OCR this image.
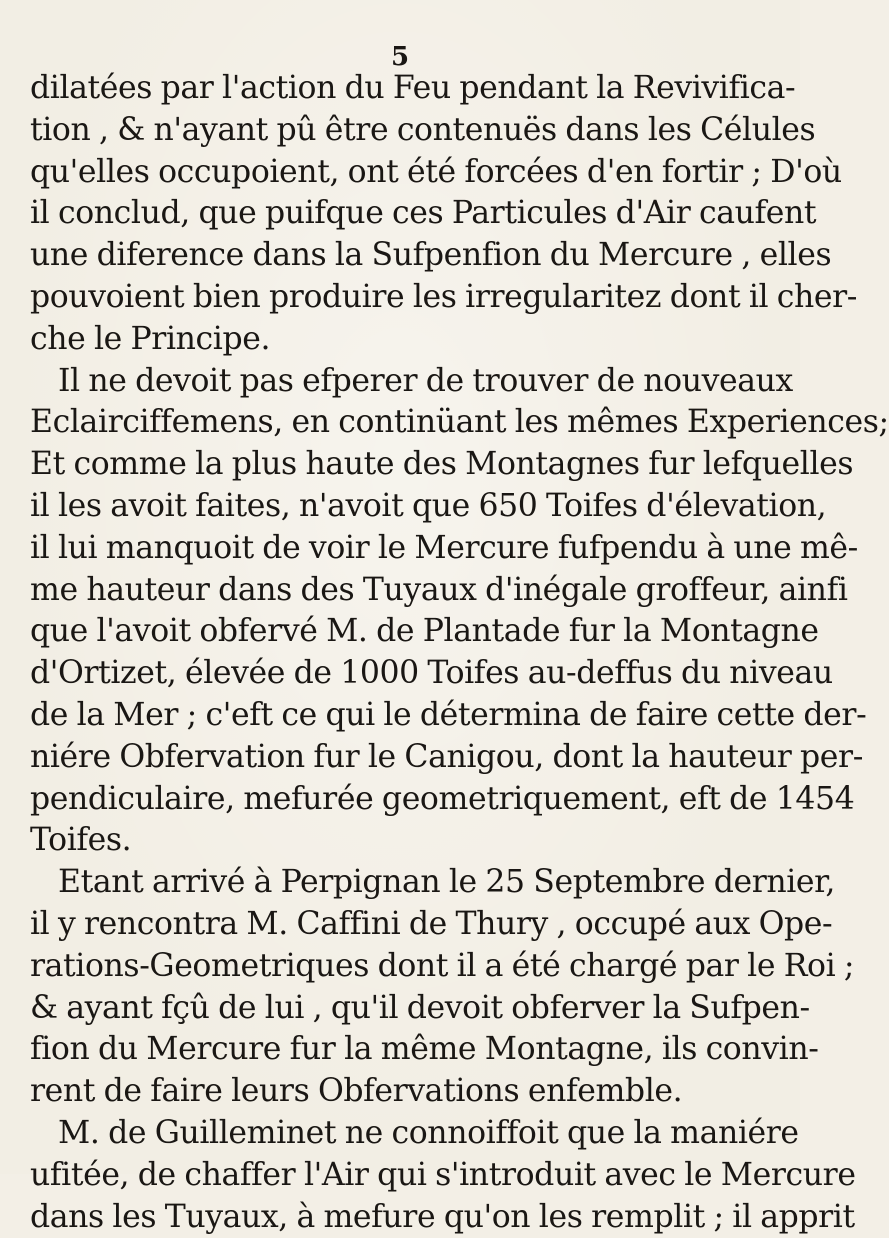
5
dilatées par l'action du Feu pendant la Revivifica-
tion , & n'ayant pû être contenuës dans les Célules
qu'elles occupoient, ont été forcées d'en fortir ; D'où
il conclud, que puifque ces Particules d'Air caufent
une diference dans la Sufpenfion du Mercure , elles
pouvoient bien produire les irregularitez dont il cher-
che le Principe.
Il ne devoit pas efperer de trouver de nouveaux
Eclairciffemens, en continüant les mêmes Experiences;
Et comme la plus haute des Montagnes fur lefquelles
il les avoit faites, n'avoit que 650 Toifes d'élevation,
il lui manquoit de voir le Mercure fufpendu à une mê-
me hauteur dans des Tuyaux d'inégale groffeur, ainfi
que l'avoit obfervé M. de Plantade fur la Montagne
d'Ortizet, élevée de 1000 Toifes au-deffus du niveau
de la Mer ; c'eft ce qui le détermina de faire cette der-
niére Obfervation fur le Canigou, dont la hauteur per-
pendiculaire, mefurée geometriquement, eft de 1454
Toifes.
Etant arrivé à Perpignan le 25 Septembre dernier,
il y rencontra M. Caffini de Thury , occupé aux Ope-
rations-Geometriques dont il a été chargé par le Roi ;
& ayant fçû de lui , qu'il devoit obferver la Sufpen-
fion du Mercure fur la même Montagne, ils convin-
rent de faire leurs Obfervations enfemble.
M. de Guilleminet ne connoiffoit que la maniére
ufitée, de chaffer l'Air qui s'introduit avec le Mercure
dans les Tuyaux, à mefure qu'on les remplit ; il apprit
